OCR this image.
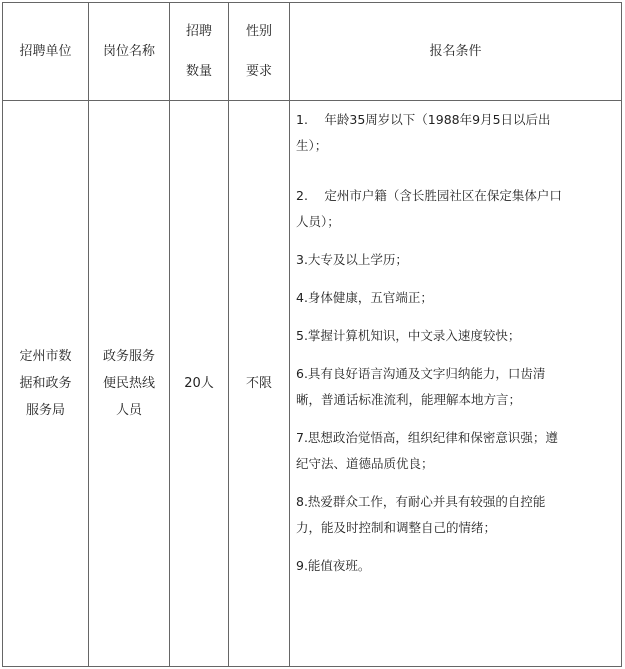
招聘单位 岗位名称
招聘
数量
性别
要求
报名条件
定州市数
据和政务
服务局
政务服务
便民热线
人员
20人 不限

1.　 年龄35周岁以下（1988年9月5日以后出

生）；

2.　 定州市户籍（含长胜园社区在保定集体户口

人员）；

3.大专及以上学历；

4.身体健康，五官端正；

5.掌握计算机知识，中文录入速度较快；

6.具有良好语言沟通及文字归纳能力，口齿清

晰，普通话标准流利，能理解本地方言；

7.思想政治觉悟高，组织纪律和保密意识强；遵

纪守法、道德品质优良；

8.热爱群众工作，有耐心并具有较强的自控能

力，能及时控制和调整自己的情绪；

9.能值夜班。
